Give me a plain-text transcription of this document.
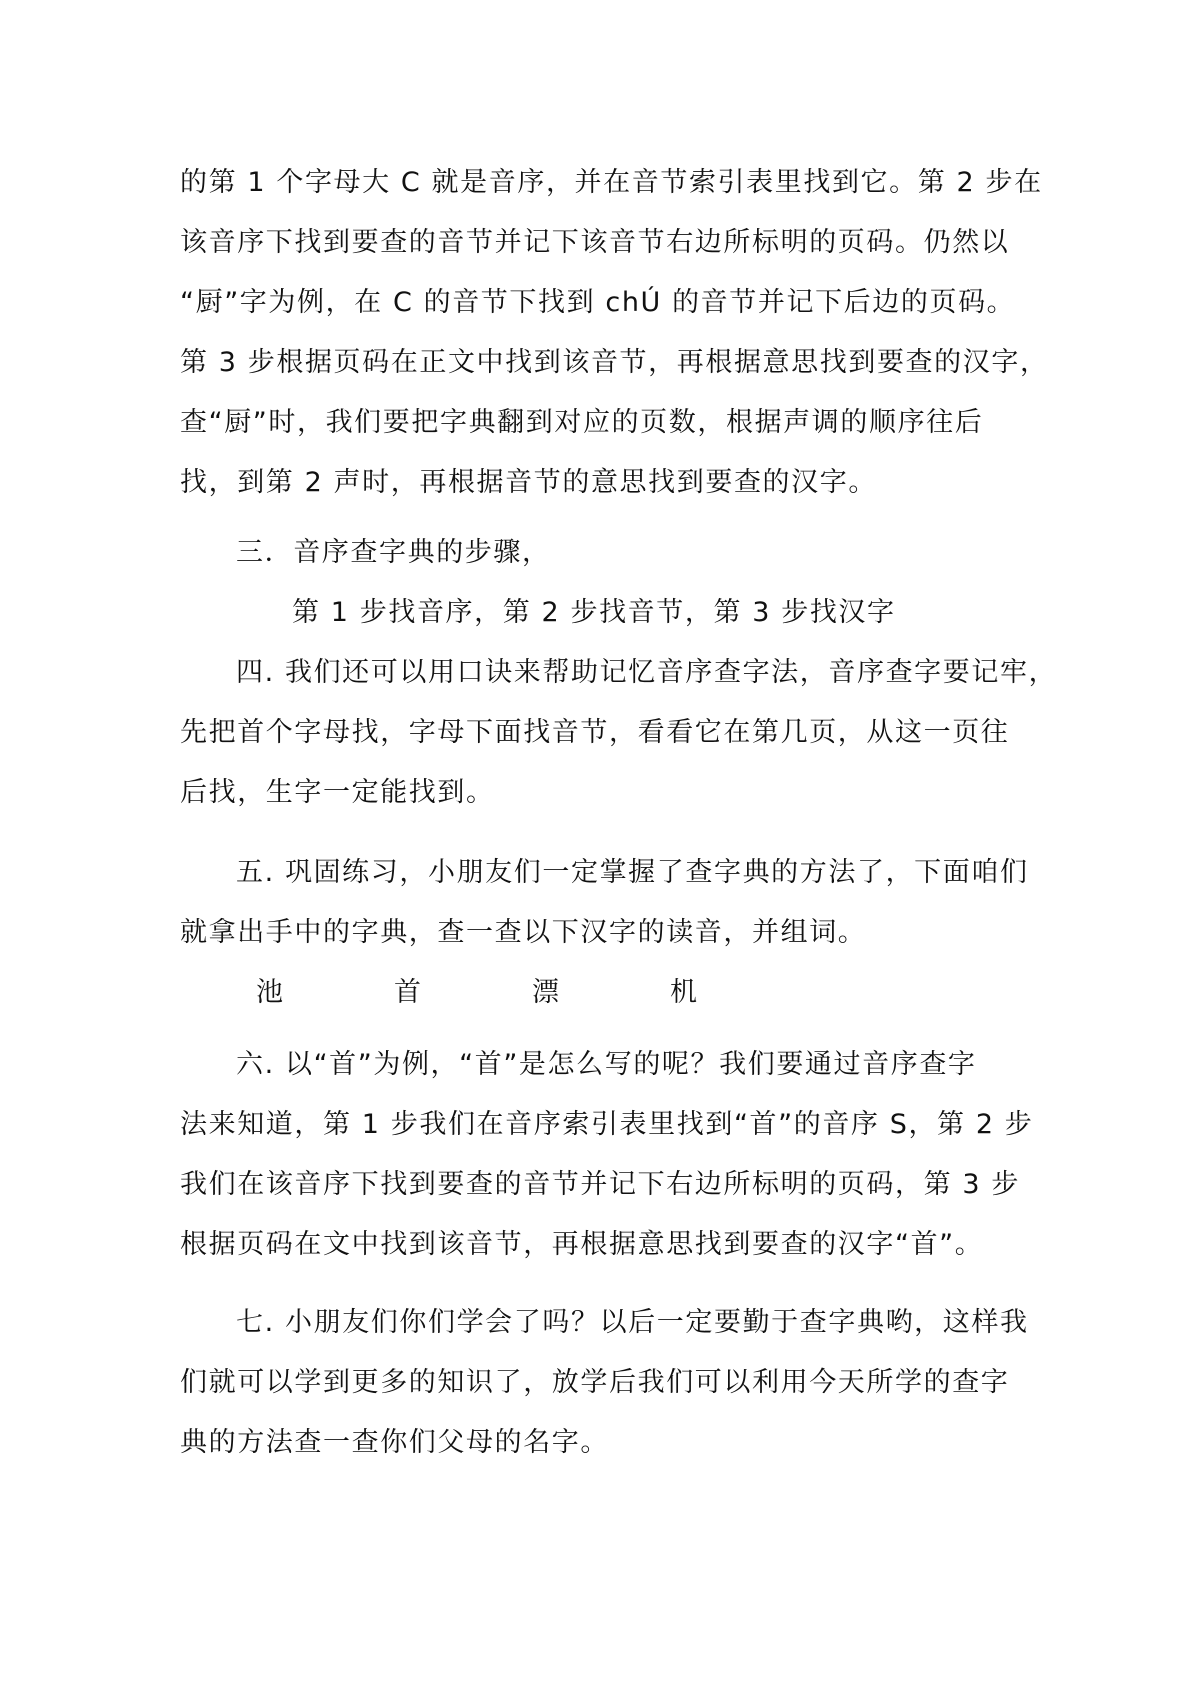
的第 1 个字母大 C 就是音序，并在音节索引表里找到它。第 2 步在
该音序下找到要查的音节并记下该音节右边所标明的页码。仍然以
“厨”字为例，在 C 的音节下找到 chÚ 的音节并记下后边的页码。
第 3 步根据页码在正文中找到该音节，再根据意思找到要查的汉字，
查“厨”时，我们要把字典翻到对应的页数，根据声调的顺序往后
找，到第 2 声时，再根据音节的意思找到要查的汉字。
三．音序查字典的步骤，
第 1 步找音序，第 2 步找音节，第 3 步找汉字
四. 我们还可以用口诀来帮助记忆音序查字法，音序查字要记牢，
先把首个字母找，字母下面找音节，看看它在第几页，从这一页往
后找，生字一定能找到。
五. 巩固练习，小朋友们一定掌握了查字典的方法了，下面咱们
就拿出手中的字典，查一查以下汉字的读音，并组词。
池	首	漂	机
六. 以“首”为例，“首”是怎么写的呢？我们要通过音序查字
法来知道，第 1 步我们在音序索引表里找到“首”的音序 S，第 2 步
我们在该音序下找到要查的音节并记下右边所标明的页码，第 3 步
根据页码在文中找到该音节，再根据意思找到要查的汉字“首”。
七. 小朋友们你们学会了吗？以后一定要勤于查字典哟，这样我
们就可以学到更多的知识了，放学后我们可以利用今天所学的查字
典的方法查一查你们父母的名字。
